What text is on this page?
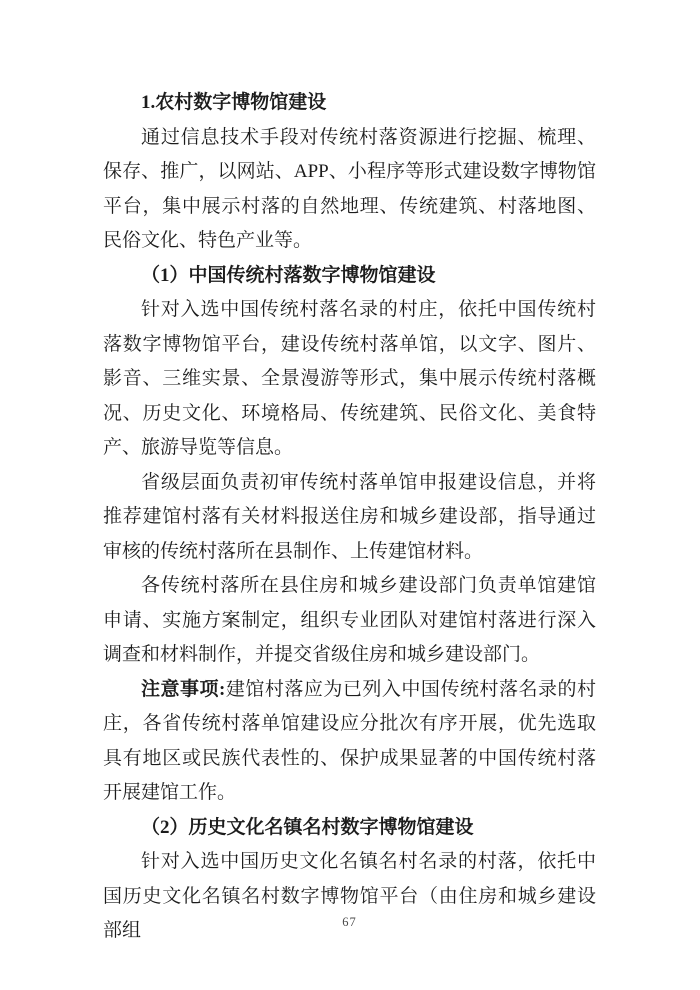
1.农村数字博物馆建设

通过信息技术手段对传统村落资源进行挖掘、梳理、保存、推广，以网站、APP、小程序等形式建设数字博物馆平台，集中展示村落的自然地理、传统建筑、村落地图、民俗文化、特色产业等。

（1）中国传统村落数字博物馆建设

针对入选中国传统村落名录的村庄，依托中国传统村落数字博物馆平台，建设传统村落单馆，以文字、图片、影音、三维实景、全景漫游等形式，集中展示传统村落概况、历史文化、环境格局、传统建筑、民俗文化、美食特产、旅游导览等信息。

省级层面负责初审传统村落单馆申报建设信息，并将推荐建馆村落有关材料报送住房和城乡建设部，指导通过审核的传统村落所在县制作、上传建馆材料。

各传统村落所在县住房和城乡建设部门负责单馆建馆申请、实施方案制定，组织专业团队对建馆村落进行深入调查和材料制作，并提交省级住房和城乡建设部门。

注意事项:建馆村落应为已列入中国传统村落名录的村庄，各省传统村落单馆建设应分批次有序开展，优先选取具有地区或民族代表性的、保护成果显著的中国传统村落开展建馆工作。

（2）历史文化名镇名村数字博物馆建设

针对入选中国历史文化名镇名村名录的村落，依托中国历史文化名镇名村数字博物馆平台（由住房和城乡建设部组	67
